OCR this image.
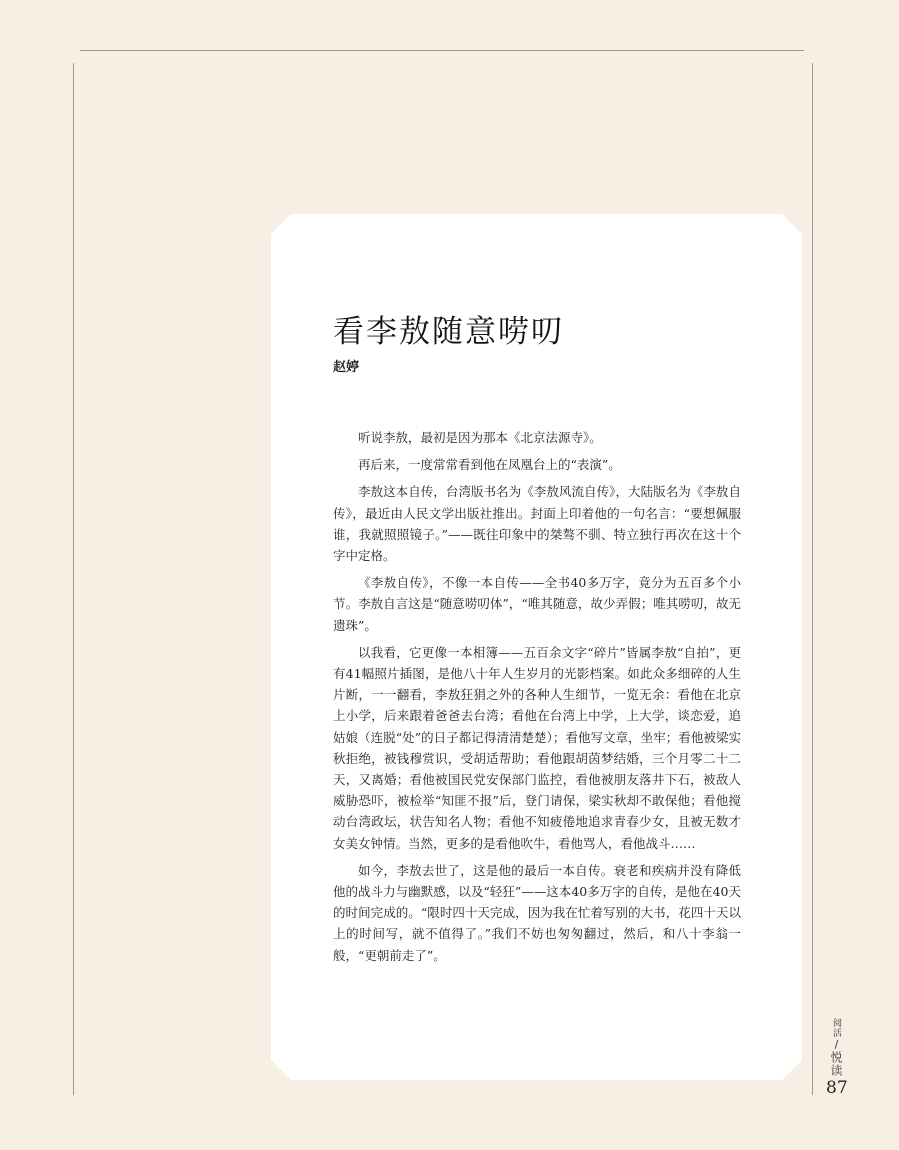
看李敖随意唠叨
赵婷

听说李敖，最初是因为那本《北京法源寺》。

再后来，一度常常看到他在凤凰台上的“表演”。

李敖这本自传，台湾版书名为《李敖风流自传》，大陆版名为《李敖自传》，最近由人民文学出版社推出。封面上印着他的一句名言：“要想佩服谁，我就照照镜子。”——既往印象中的桀骜不驯、特立独行再次在这十个字中定格。

《李敖自传》，不像一本自传——全书40多万字，竟分为五百多个小节。李敖自言这是“随意唠叨体”，“唯其随意，故少弄假；唯其唠叨，故无遗珠”。

以我看，它更像一本相簿——五百余文字“碎片”皆属李敖“自拍”，更有41幅照片插图，是他八十年人生岁月的光影档案。如此众多细碎的人生片断，一一翻看，李敖狂狷之外的各种人生细节，一览无余：看他在北京上小学，后来跟着爸爸去台湾；看他在台湾上中学，上大学，谈恋爱，追姑娘（连脱“处”的日子都记得清清楚楚）；看他写文章，坐牢；看他被梁实秋拒绝，被钱穆赏识，受胡适帮助；看他跟胡茵梦结婚，三个月零二十二天，又离婚；看他被国民党安保部门监控，看他被朋友落井下石，被敌人威胁恐吓，被检举“知匪不报”后，登门请保，梁实秋却不敢保他；看他搅动台湾政坛，状告知名人物；看他不知疲倦地追求青春少女，且被无数才女美女钟情。当然，更多的是看他吹牛，看他骂人，看他战斗……

如今，李敖去世了，这是他的最后一本自传。衰老和疾病并没有降低他的战斗力与幽默感，以及“轻狂”——这本40多万字的自传，是他在40天的时间完成的。“限时四十天完成，因为我在忙着写别的大书，花四十天以上的时间写，就不值得了。”我们不妨也匆匆翻过，然后，和八十李翁一般，“更朝前走了”。

阅活
/
悦读
87
